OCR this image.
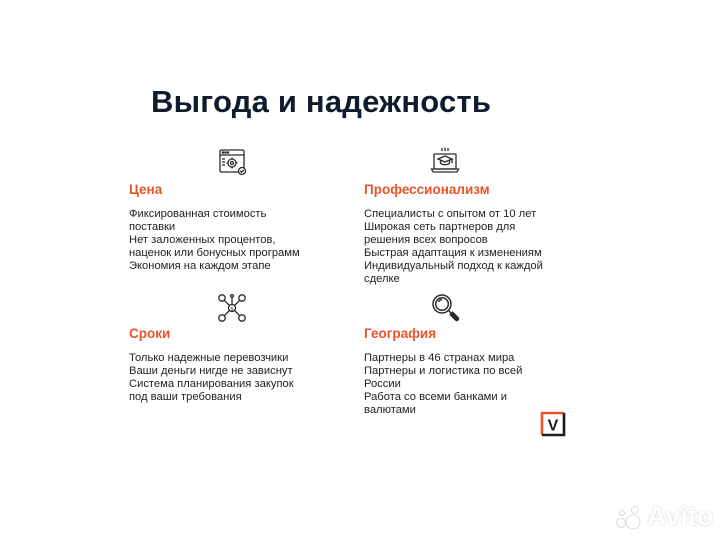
Выгода и надежность
$
Цена
Фиксированная стоимость
поставки
Нет заложенных процентов,
наценок или бонусных программ
Экономия на каждом этапе
Профессионализм
Специалисты с опытом от 10 лет
Широкая сеть партнеров для
решения всех вопросов
Быстрая адаптация к изменениям
Индивидуальный подход к каждой
сделке
Сроки
Только надежные перевозчики
Ваши деньги нигде не зависнут
Система планирования закупок
под ваши требования
География
Партнеры в 46 странах мира
Партнеры и логистика по всей
России
Работа со всеми банками и
валютами
V
Avito
